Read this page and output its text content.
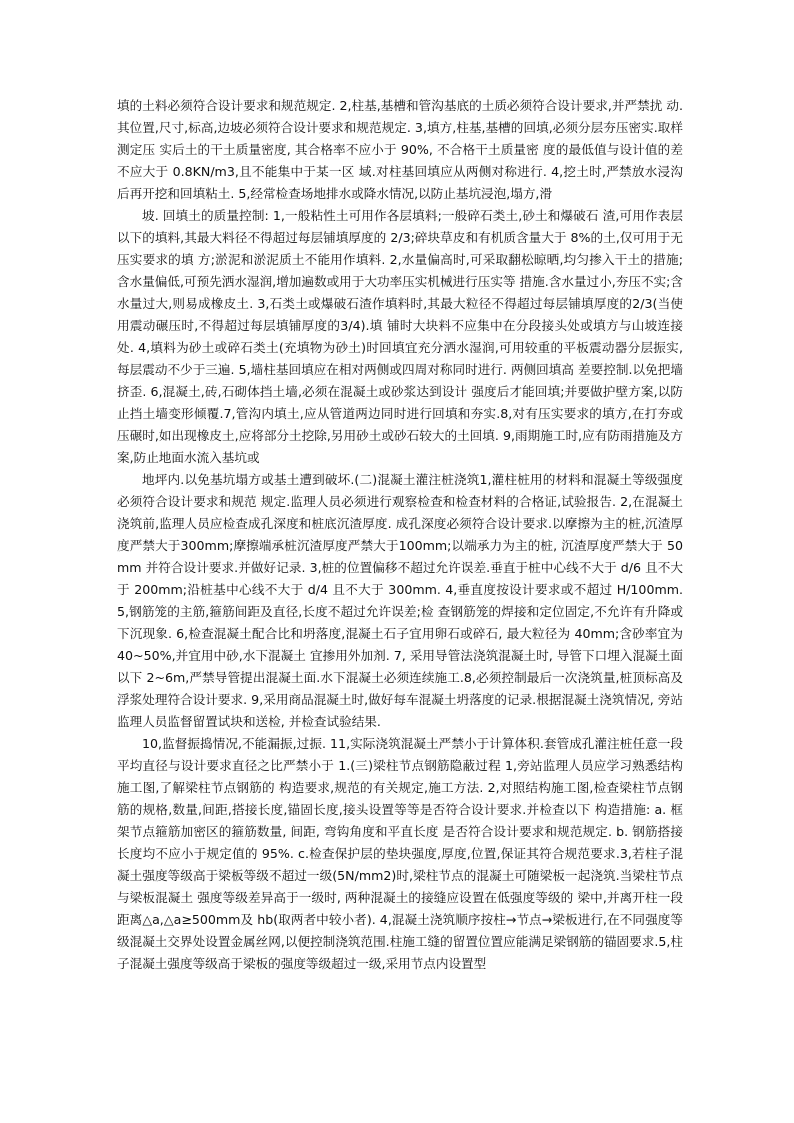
填的土料必须符合设计要求和规范规定. 2,柱基,基槽和管沟基底的土质必须符合设计要求,并严禁扰 动.其位置,尺寸,标高,边坡必须符合设计要求和规范规定. 3,填方,柱基,基槽的回填,必须分层夯压密实.取样测定压 实后土的干土质量密度, 其合格率不应小于 90%, 不合格干土质量密 度的最低值与设计值的差不应大于 0.8KN/m3,且不能集中于某一区 域.对柱基回填应从两侧对称进行. 4,挖土时,严禁放水浸沟后再开挖和回填粘土. 5,经常检查场地排水或降水情况,以防止基坑浸泡,塌方,滑

坡. 回填土的质量控制: 1,一般粘性土可用作各层填料;一般碎石类土,砂土和爆破石 渣,可用作表层以下的填料,其最大料径不得超过每层铺填厚度的 2/3;碎块草皮和有机质含量大于 8%的土,仅可用于无压实要求的填 方;淤泥和淤泥质土不能用作填料. 2,水量偏高时,可采取翻松晾晒,均匀掺入干土的措施;含水量偏低,可预先洒水湿润,增加遍数或用于大功率压实机械进行压实等 措施.含水量过小,夯压不实;含水量过大,则易成橡皮土. 3,石类土或爆破石渣作填料时,其最大粒径不得超过每层铺填厚度的2/3(当使用震动碾压时,不得超过每层填铺厚度的3/4).填 铺时大块料不应集中在分段接头处或填方与山坡连接处. 4,填料为砂土或碎石类土(充填物为砂土)时回填宜充分洒水湿润,可用较重的平板震动器分层振实,每层震动不少于三遍. 5,墙柱基回填应在相对两侧或四周对称同时进行. 两侧回填高 差要控制.以免把墙挤歪. 6,混凝土,砖,石砌体挡土墙,必须在混凝土或砂浆达到设计 强度后才能回填;并要做护壁方案,以防止挡土墙变形倾覆.7,管沟内填土,应从管道两边同时进行回填和夯实.8,对有压实要求的填方,在打夯或压碾时,如出现橡皮土,应将部分土挖除,另用砂土或砂石较大的土回填. 9,雨期施工时,应有防雨措施及方案,防止地面水流入基坑或

地坪内.以免基坑塌方或基土遭到破坏.(二)混凝土灌注桩浇筑1,灌柱桩用的材料和混凝土等级强度必须符合设计要求和规范 规定.监理人员必须进行观察检查和检查材料的合格证,试验报告. 2,在混凝土浇筑前,监理人员应检查成孔深度和桩底沉渣厚度. 成孔深度必须符合设计要求.以摩擦为主的桩,沉渣厚度严禁大于300mm;摩擦端承桩沉渣厚度严禁大于100mm;以端承力为主的桩, 沉渣厚度严禁大于 50mm 并符合设计要求.并做好记录. 3,桩的位置偏移不超过允许误差.垂直于桩中心线不大于 d/6 且不大于 200mm;沿桩基中心线不大于 d/4 且不大于 300mm. 4,垂直度按设计要求或不超过 H/100mm. 5,钢筋笼的主筋,箍筋间距及直径,长度不超过允许误差;检 查钢筋笼的焊接和定位固定,不允许有升降或下沉现象. 6,检查混凝土配合比和坍落度,混凝土石子宜用卵石或碎石, 最大粒径为 40mm;含砂率宜为 40~50%,并宜用中砂,水下混凝土 宜掺用外加剂. 7, 采用导管法浇筑混凝土时, 导管下口埋入混凝土面以下 2~6m,严禁导管提出混凝土面.水下混凝土必须连续施工.8,必须控制最后一次浇筑量,桩顶标高及浮浆处理符合设计要求. 9,采用商品混凝土时,做好每车混凝土坍落度的记录.根据混凝土浇筑情况, 旁站监理人员监督留置试块和送检, 并检查试验结果.

10,监督振捣情况,不能漏振,过振. 11,实际浇筑混凝土严禁小于计算体积.套管成孔灌注桩任意一段平均直径与设计要求直径之比严禁小于 1.(三)梁柱节点钢筋隐蔽过程 1,旁站监理人员应学习熟悉结构施工图,了解梁柱节点钢筋的 构造要求,规范的有关规定,施工方法. 2,对照结构施工图,检查梁柱节点钢筋的规格,数量,间距,搭接长度,锚固长度,接头设置等等是否符合设计要求.并检查以下 构造措施: a. 框架节点箍筋加密区的箍筋数量, 间距, 弯钩角度和平直长度 是否符合设计要求和规范规定. b. 钢筋搭接长度均不应小于规定值的 95%. c.检查保护层的垫块强度,厚度,位置,保证其符合规范要求.3,若柱子混凝土强度等级高于梁板等级不超过一级(5N/mm2)时,梁柱节点的混凝土可随梁板一起浇筑.当梁柱节点与梁板混凝土 强度等级差异高于一级时, 两种混凝土的接缝应设置在低强度等级的 梁中,并离开柱一段距离△a,△a≥500mm及 hb(取两者中较小者). 4,混凝土浇筑顺序按柱→节点→梁板进行,在不同强度等级混凝土交界处设置金属丝网,以便控制浇筑范围.柱施工缝的留置位置应能满足梁钢筋的锚固要求.5,柱子混凝土强度等级高于梁板的强度等级超过一级,采用节点内设置型
